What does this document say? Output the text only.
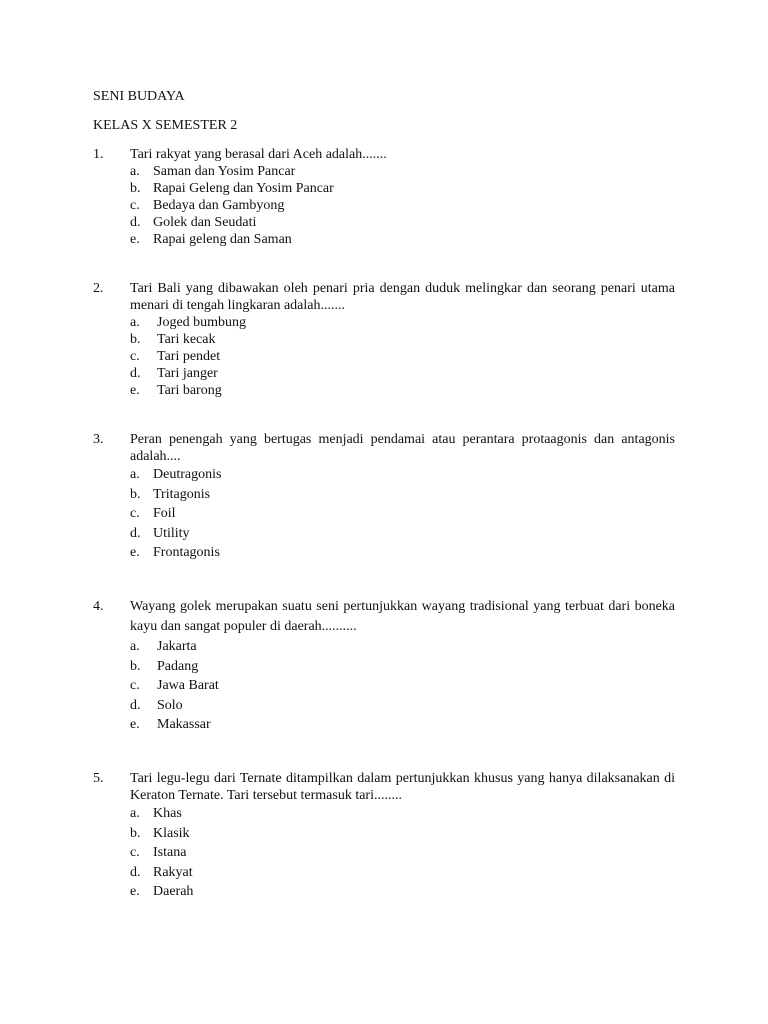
SENI BUDAYA
KELAS X SEMESTER 2
1. Tari rakyat yang berasal dari Aceh adalah.......
a. Saman dan Yosim Pancar
b. Rapai Geleng dan Yosim Pancar
c. Bedaya dan Gambyong
d. Golek dan Seudati
e. Rapai geleng dan Saman
2. Tari Bali yang dibawakan oleh penari pria dengan duduk melingkar dan seorang penari utama menari di tengah lingkaran adalah.......
a. Joged bumbung
b. Tari kecak
c. Tari pendet
d. Tari janger
e. Tari barong
3. Peran penengah yang bertugas menjadi pendamai atau perantara protaagonis dan antagonis adalah....
a. Deutragonis
b. Tritagonis
c. Foil
d. Utility
e. Frontagonis
4. Wayang golek merupakan suatu seni pertunjukkan wayang tradisional yang terbuat dari boneka kayu dan sangat populer di daerah..........
a. Jakarta
b. Padang
c. Jawa Barat
d. Solo
e. Makassar
5. Tari legu-legu dari Ternate ditampilkan dalam pertunjukkan khusus yang hanya dilaksanakan di Keraton Ternate. Tari tersebut termasuk tari........
a. Khas
b. Klasik
c. Istana
d. Rakyat
e. Daerah
